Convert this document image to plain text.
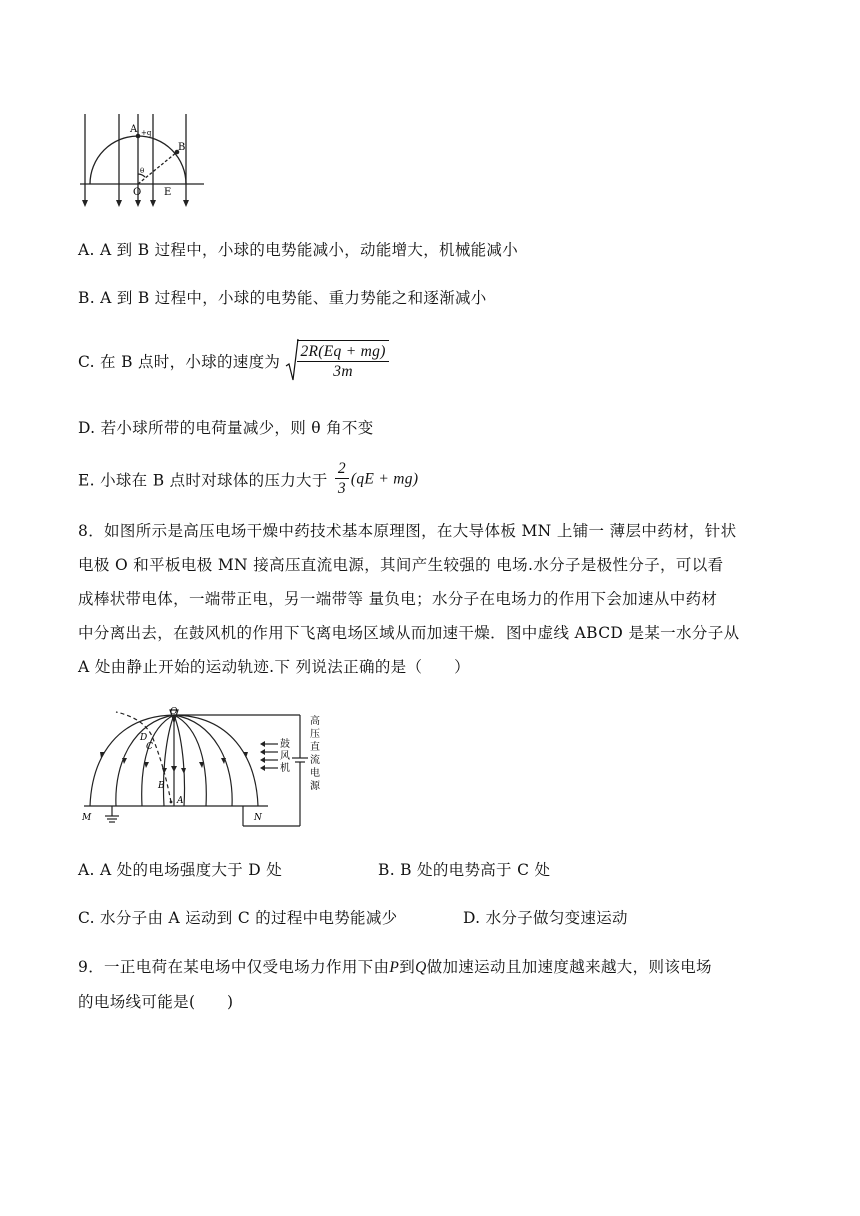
A +q
B
θ
O E
A. A 到 B 过程中，小球的电势能减小，动能增大，机械能减小
B. A 到 B 过程中，小球的电势能、重力势能之和逐渐减小
C. 在 B 点时，小球的速度为 $\frac{2R(Eq + mg)}{3m}$
D. 若小球所带的电荷量减少，则 θ 角不变
E. 小球在 B 点时对球体的压力大于 $\frac{2}{3} (qE + mg)$
8．如图所示是高压电场干燥中药技术基本原理图，在大导体板 MN 上铺一 薄层中药材，针状
电极 O 和平板电极 MN 接高压直流电源，其间产生较强的 电场.水分子是极性分子，可以看
成棒状带电体，一端带正电，另一端带等 量负电；水分子在电场力的作用下会加速从中药材
中分离出去，在鼓风机的作用下飞离电场区域从而加速干燥．图中虚线 ABCD 是某一水分子从
A 处由静止开始的运动轨迹.下 列说法正确的是（　　）
O
D
C
B
A
M	N
鼓
风
机
高
压
直
流
电
源
A. A 处的电场强度大于 D 处	B. B 处的电势高于 C 处
C. 水分子由 A 运动到 C 的过程中电势能减少	D. 水分子做匀变速运动
9．一正电荷在某电场中仅受电场力作用下由P到Q做加速运动且加速度越来越大，则该电场
的电场线可能是(　　)
